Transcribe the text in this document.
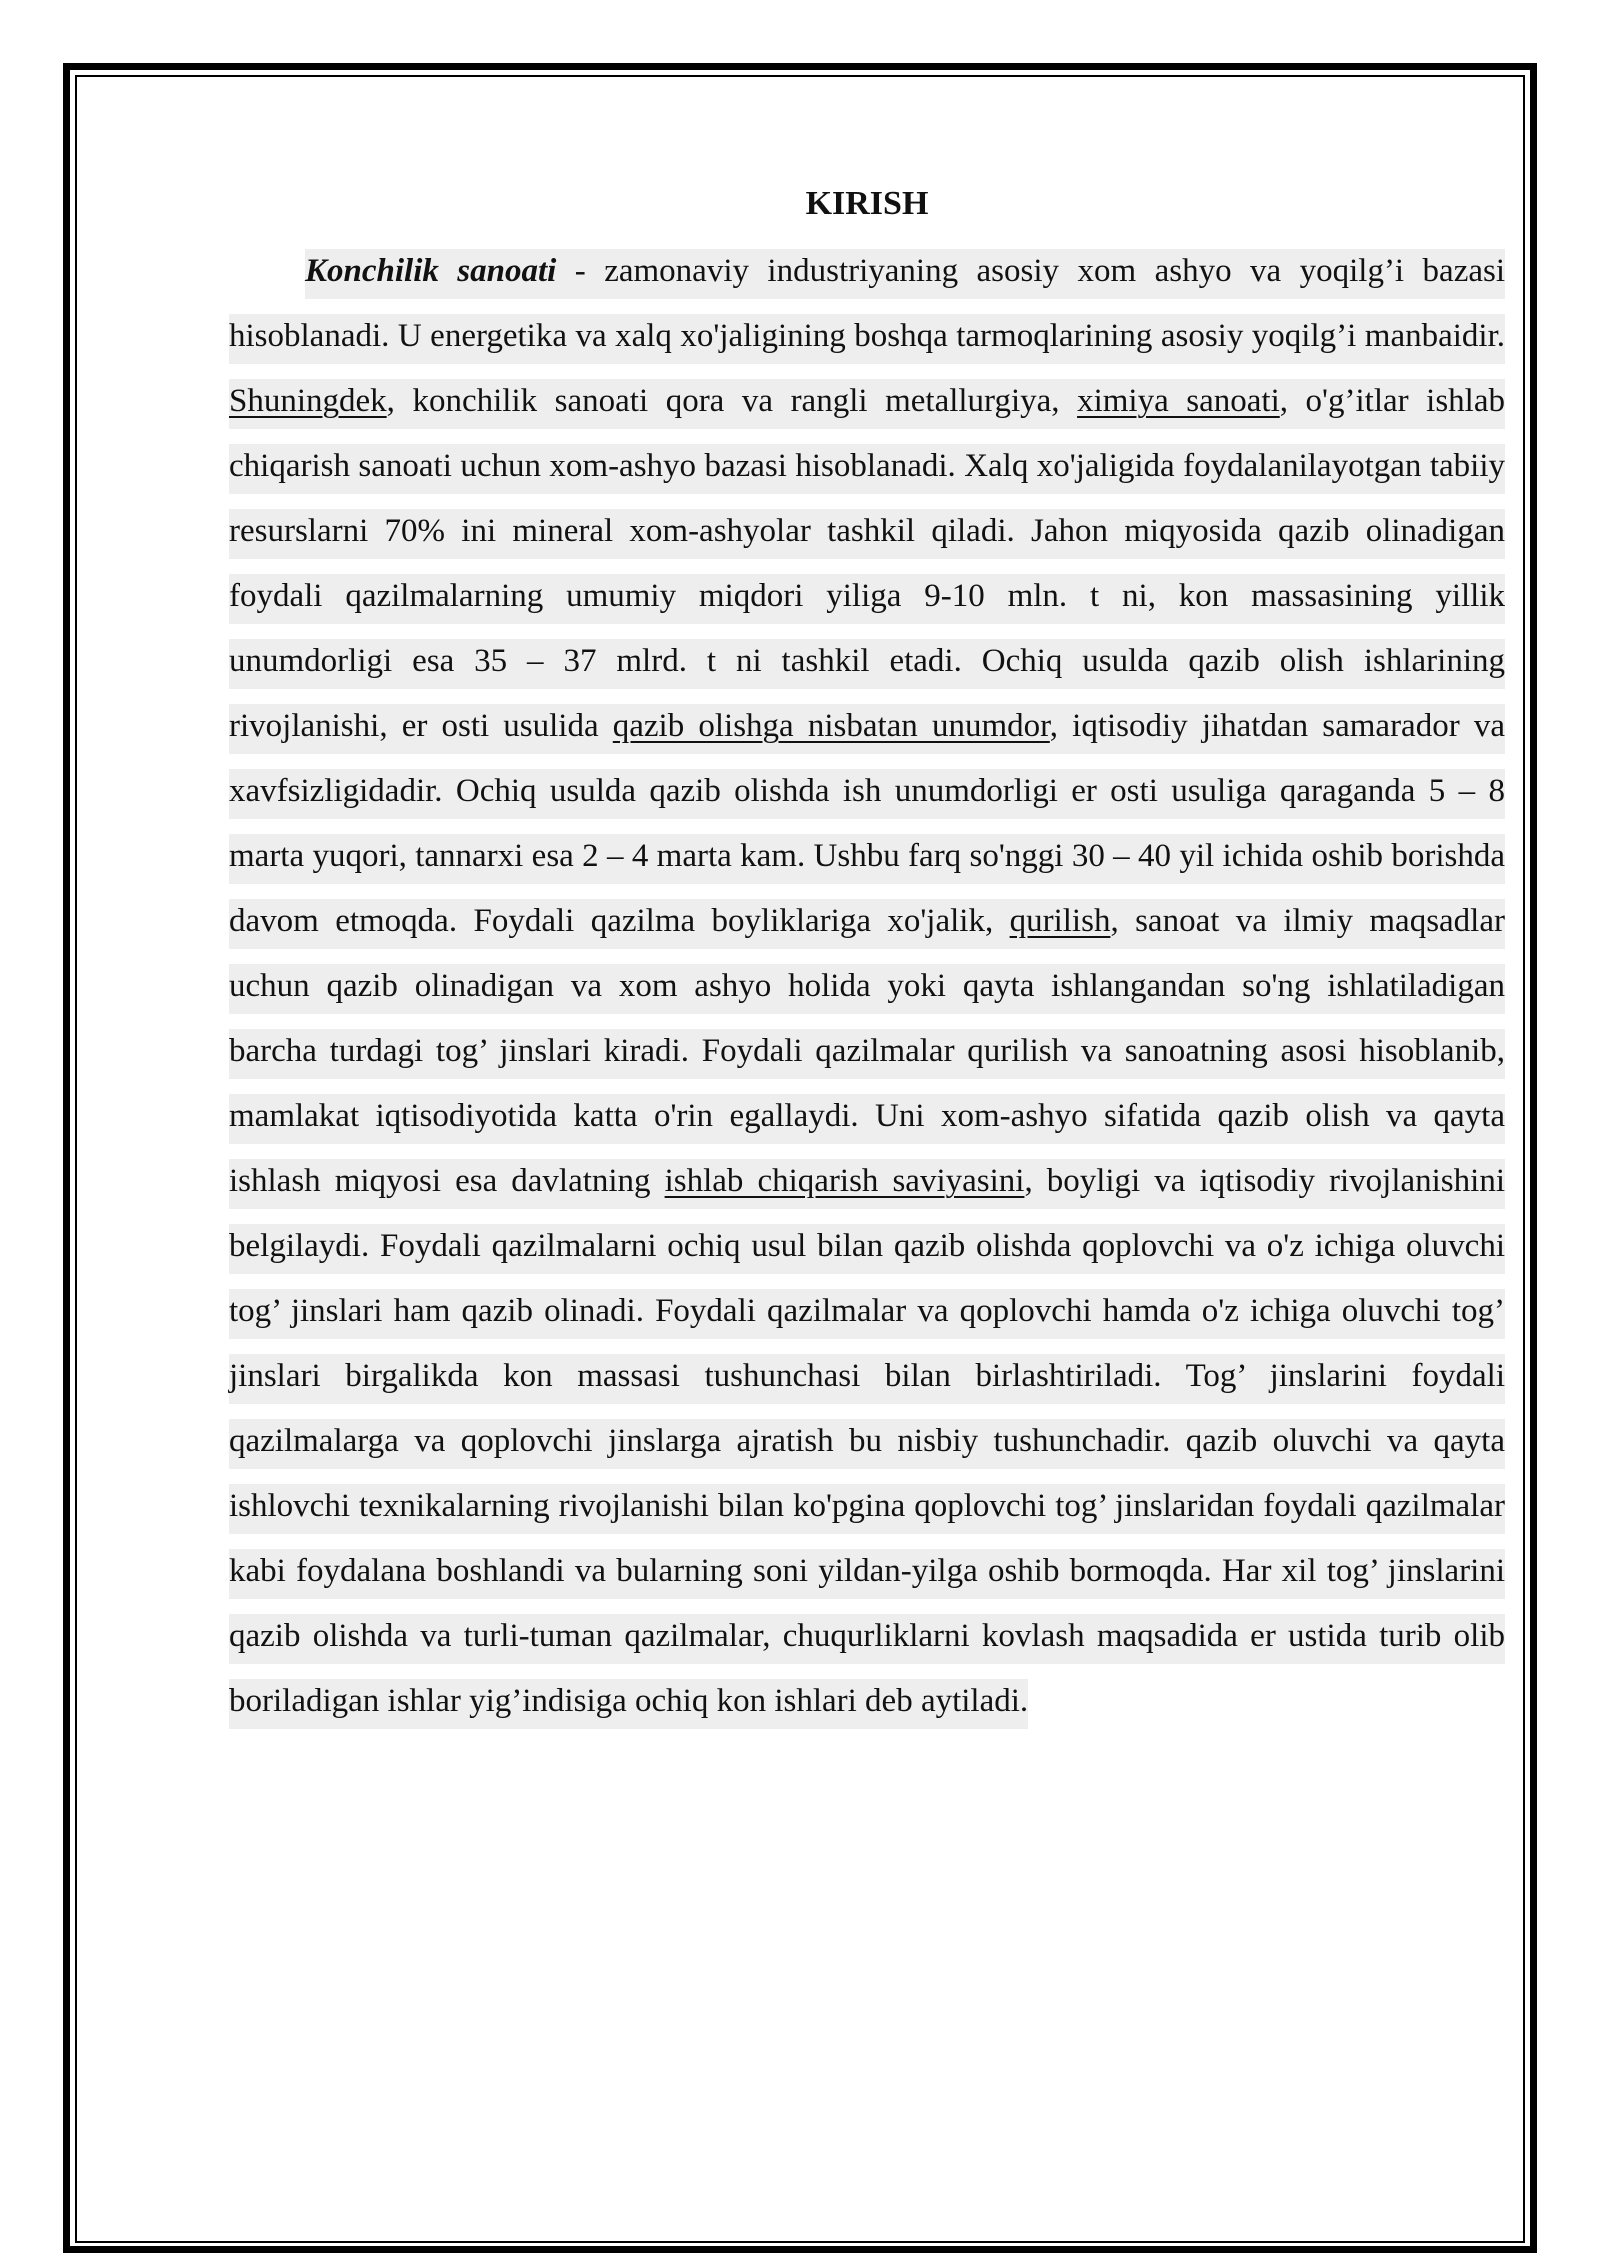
KIRISH

Konchilik sanoati - zamonaviy industriyaning asosiy xom ashyo va yoqilg’i bazasi hisoblanadi. U energetika va xalq xo'jaligining boshqa tarmoqlarining asosiy yoqilg’i manbaidir. Shuningdek, konchilik sanoati qora va rangli metallurgiya, ximiya sanoati, o'g’itlar ishlab chiqarish sanoati uchun xom-ashyo bazasi hisoblanadi. Xalq xo'jaligida foydalanilayotgan tabiiy resurslarni 70% ini mineral xom-ashyolar tashkil qiladi. Jahon miqyosida qazib olinadigan foydali qazilmalarning umumiy miqdori yiliga 9-10 mln. t ni, kon massasining yillik unumdorligi esa 35 – 37 mlrd. t ni tashkil etadi. Ochiq usulda qazib olish ishlarining rivojlanishi, er osti usulida qazib olishga nisbatan unumdor, iqtisodiy jihatdan samarador va xavfsizligidadir. Ochiq usulda qazib olishda ish unumdorligi er osti usuliga qaraganda 5 – 8 marta yuqori, tannarxi esa 2 – 4 marta kam. Ushbu farq so'nggi 30 – 40 yil ichida oshib borishda davom etmoqda. Foydali qazilma boyliklariga xo'jalik, qurilish, sanoat va ilmiy maqsadlar uchun qazib olinadigan va xom ashyo holida yoki qayta ishlangandan so'ng ishlatiladigan barcha turdagi tog’ jinslari kiradi. Foydali qazilmalar qurilish va sanoatning asosi hisoblanib, mamlakat iqtisodiyotida katta o'rin egallaydi. Uni xom-ashyo sifatida qazib olish va qayta ishlash miqyosi esa davlatning ishlab chiqarish saviyasini, boyligi va iqtisodiy rivojlanishini belgilaydi. Foydali qazilmalarni ochiq usul bilan qazib olishda qoplovchi va o'z ichiga oluvchi tog’ jinslari ham qazib olinadi. Foydali qazilmalar va qoplovchi hamda o'z ichiga oluvchi tog’ jinslari birgalikda kon massasi tushunchasi bilan birlashtiriladi. Tog’ jinslarini foydali qazilmalarga va qoplovchi jinslarga ajratish bu nisbiy tushunchadir. qazib oluvchi va qayta ishlovchi texnikalarning rivojlanishi bilan ko'pgina qoplovchi tog’ jinslaridan foydali qazilmalar kabi foydalana boshlandi va bularning soni yildan-yilga oshib bormoqda. Har xil tog’ jinslarini qazib olishda va turli-tuman qazilmalar, chuqurliklarni kovlash maqsadida er ustida turib olib boriladigan ishlar yig’indisiga ochiq kon ishlari deb aytiladi.
